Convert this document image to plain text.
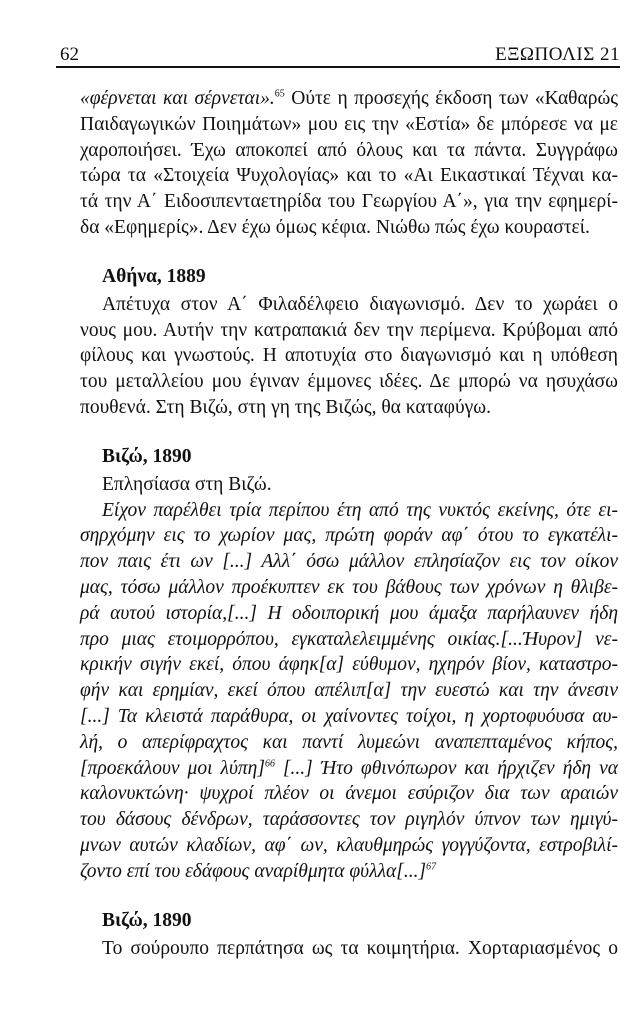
62	ΕΞΩΠΟΛΙΣ 21
«φέρνεται και σέρνεται».$^{65}$ Ούτε η προσεχής έκδοση των «Καθαρώς
Παιδαγωγικών Ποιημάτων» μου εις την «Εστία» δε μπόρεσε να με
χαροποιήσει. Έχω αποκοπεί από όλους και τα πάντα. Συγγράφω
τώρα τα «Στοιχεία Ψυχολογίας» και το «Αι Εικαστικαί Τέχναι κα-
τά την Α΄ Ειδοσιπενταετηρίδα του Γεωργίου Α΄», για την εφημερί-
δα «Εφημερίς». Δεν έχω όμως κέφια. Νιώθω πώς έχω κουραστεί.

Αθήνα, 1889

Απέτυχα στον Α΄ Φιλαδέλφειο διαγωνισμό. Δεν το χωράει ο
νους μου. Αυτήν την κατραπακιά δεν την περίμενα. Κρύβομαι από
φίλους και γνωστούς. Η αποτυχία στο διαγωνισμό και η υπόθεση
του μεταλλείου μου έγιναν έμμονες ιδέες. Δε μπορώ να ησυχάσω
πουθενά. Στη Βιζώ, στη γη της Βιζώς, θα καταφύγω.

Βιζώ, 1890

Επλησίασα στη Βιζώ.
Είχον παρέλθει τρία περίπου έτη από της νυκτός εκείνης, ότε ει-
σηρχόμην εις το χωρίον μας, πρώτη φοράν αφ΄ ότου τo εγκατέλι-
πον παις έτι ων [...] Αλλ΄ όσω μάλλον επλησίαζον εις τον οίκον
μας, τόσω μάλλον προέκυπτεν εκ του βάθους των χρόνων η θλιβε-
ρά αυτού ιστορία,[...] Η οδοιπορική μου άμαξα παρήλαυνεν ήδη
προ μιας ετοιμορρόπου, εγκαταλελειμμένης οικίας.[...Ήυρον] νε-
κρικήν σιγήν εκεί, όπου άφηκ[α] εύθυμον, ηχηρόν βίον, καταστρο-
φήν και ερημίαν, εκεί όπου απέλιπ[α] την ευεστώ και την άνεσιν
[...] Τα κλειστά παράθυρα, οι χαίνοντες τοίχοι, η χορτοφυόυσα αυ-
λή, ο απερίφραχτος και παντί λυμεώνι αναπεπταμένος κήπος,
[προεκάλουν μοι λύπη]$^{66}$ [...] Ήτο φθινόπωρον και ήρχιζεν ήδη να
καλονυκτώνη· ψυχροί πλέον οι άνεμοι εσύριζον δια των αραιών
του δάσους δένδρων, ταράσσοντες τον ριγηλόν ύπνον των ημιγύ-
μνων αυτών κλαδίων, αφ΄ ων, κλαυθμηρώς γογγύζοντα, εστροβιλί-
ζοντο επί του εδάφους αναρίθμητα φύλλα[...]$^{67}$

Βιζώ, 1890

Το σούρουπο περπάτησα ως τα κοιμητήρια. Χορταριασμένος ο
